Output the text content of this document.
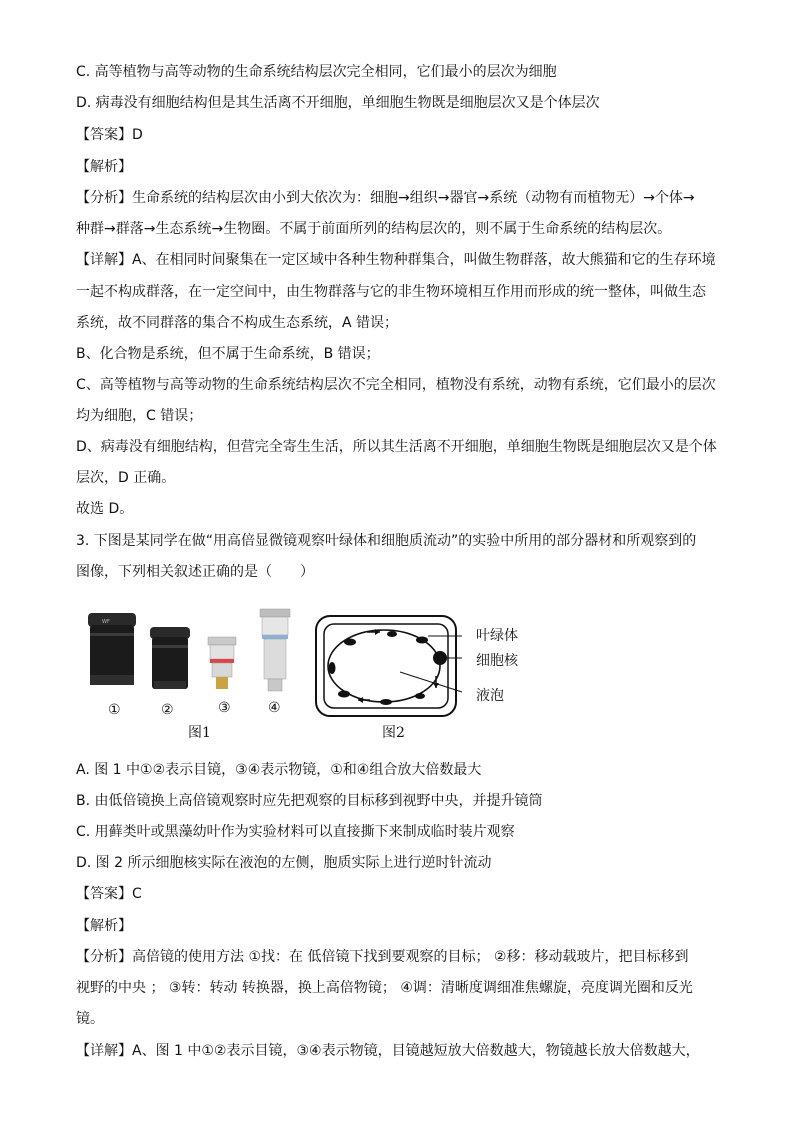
C. 高等植物与高等动物的生命系统结构层次完全相同，它们最小的层次为细胞
D. 病毒没有细胞结构但是其生活离不开细胞，单细胞生物既是细胞层次又是个体层次
【答案】D
【解析】
【分析】生命系统的结构层次由小到大依次为：细胞→组织→器官→系统（动物有而植物无）→个体→
种群→群落→生态系统→生物圈。不属于前面所列的结构层次的，则不属于生命系统的结构层次。
【详解】A、在相同时间聚集在一定区域中各种生物种群集合，叫做生物群落，故大熊猫和它的生存环境
一起不构成群落，在一定空间中，由生物群落与它的非生物环境相互作用而形成的统一整体，叫做生态
系统，故不同群落的集合不构成生态系统，A 错误；
B、化合物是系统，但不属于生命系统，B 错误；
C、高等植物与高等动物的生命系统结构层次不完全相同，植物没有系统，动物有系统，它们最小的层次
均为细胞，C 错误；
D、病毒没有细胞结构，但营完全寄生生活，所以其生活离不开细胞，单细胞生物既是细胞层次又是个体
层次，D 正确。
故选 D。
3. 下图是某同学在做“用高倍显微镜观察叶绿体和细胞质流动”的实验中所用的部分器材和所观察到的
图像，下列相关叙述正确的是（　　）
WF
①	②	③	④
图1
叶绿体
细胞核
液泡
图2
A. 图 1 中①②表示目镜，③④表示物镜，①和④组合放大倍数最大
B. 由低倍镜换上高倍镜观察时应先把观察的目标移到视野中央，并提升镜筒
C. 用藓类叶或黑藻幼叶作为实验材料可以直接撕下来制成临时装片观察
D. 图 2 所示细胞核实际在液泡的左侧，胞质实际上进行逆时针流动
【答案】C
【解析】
【分析】高倍镜的使用方法 ①找：在 低倍镜下找到要观察的目标； ②移：移动载玻片，把目标移到
视野的中央 ； ③转：转动 转换器，换上高倍物镜； ④调：清晰度调细准焦螺旋，亮度调光圈和反光
镜。
【详解】A、图 1 中①②表示目镜，③④表示物镜，目镜越短放大倍数越大，物镜越长放大倍数越大，
